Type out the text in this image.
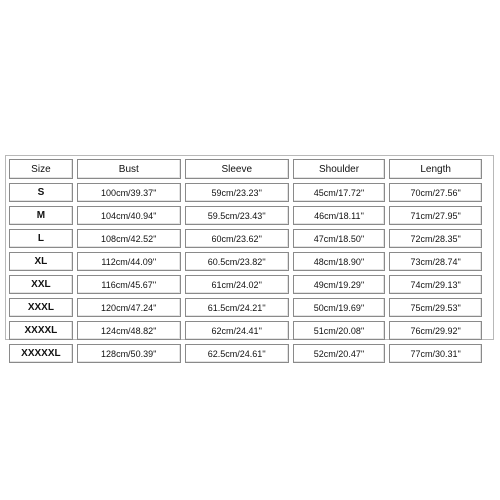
Size	Bust	Sleeve	Shoulder	Length
S	100cm/39.37''	59cm/23.23''	45cm/17.72''	70cm/27.56''
M	104cm/40.94''	59.5cm/23.43''	46cm/18.11''	71cm/27.95''
L	108cm/42.52''	60cm/23.62''	47cm/18.50''	72cm/28.35''
XL	112cm/44.09''	60.5cm/23.82''	48cm/18.90''	73cm/28.74''
XXL	116cm/45.67''	61cm/24.02''	49cm/19.29''	74cm/29.13''
XXXL	120cm/47.24''	61.5cm/24.21''	50cm/19.69''	75cm/29.53''
XXXXL	124cm/48.82''	62cm/24.41''	51cm/20.08''	76cm/29.92''
XXXXXL	128cm/50.39''	62.5cm/24.61''	52cm/20.47''	77cm/30.31''
